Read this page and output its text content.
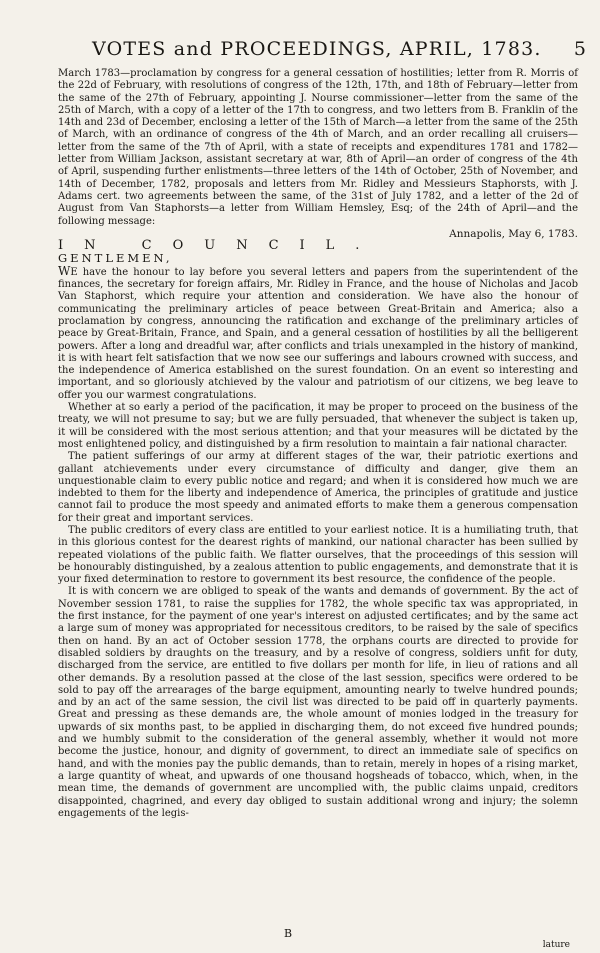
VOTES and PROCEEDINGS, APRIL, 1783. 5

March 1783—proclamation by congress for a general cessation of hostilities; letter from R. Morris of the 22d of February, with resolutions of congress of the 12th, 17th, and 18th of February—letter from the same of the 27th of February, appointing J. Nourse commissioner—letter from the same of the 25th of March, with a copy of a letter of the 17th to congress, and two letters from B. Franklin of the 14th and 23d of December, enclosing a letter of the 15th of March—a letter from the same of the 25th of March, with an ordinance of congress of the 4th of March, and an order recalling all cruisers—letter from the same of the 7th of April, with a state of receipts and expenditures 1781 and 1782—letter from William Jackson, assistant secretary at war, 8th of April—an order of congress of the 4th of April, suspending further enlistments—three letters of the 14th of October, 25th of November, and 14th of December, 1782, proposals and letters from Mr. Ridley and Messieurs Staphorsts, with J. Adams cert. two agreements between the same, of the 31st of July 1782, and a letter of the 2d of August from Van Staphorsts—a letter from William Hemsley, Esq; of the 24th of April—and the following message:

Annapolis, May 6, 1783.

IN COUNCIL.

GENTLEMEN,

WE have the honour to lay before you several letters and papers from the superintendent of the finances, the secretary for foreign affairs, Mr. Ridley in France, and the house of Nicholas and Jacob Van Staphorst, which require your attention and consideration. We have also the honour of communicating the preliminary articles of peace between Great-Britain and America; also a proclamation by congress, announcing the ratification and exchange of the preliminary articles of peace by Great-Britain, France, and Spain, and a general cessation of hostilities by all the belligerent powers. After a long and dreadful war, after conflicts and trials unexampled in the history of mankind, it is with heart felt satisfaction that we now see our sufferings and labours crowned with success, and the independence of America established on the surest foundation. On an event so interesting and important, and so gloriously atchieved by the valour and patriotism of our citizens, we beg leave to offer you our warmest congratulations.

Whether at so early a period of the pacification, it may be proper to proceed on the business of the treaty, we will not presume to say; but we are fully persuaded, that whenever the subject is taken up, it will be considered with the most serious attention; and that your measures will be dictated by the most enlightened policy, and distinguished by a firm resolution to maintain a fair national character.

The patient sufferings of our army at different stages of the war, their patriotic exertions and gallant atchievements under every circumstance of difficulty and danger, give them an unquestionable claim to every public notice and regard; and when it is considered how much we are indebted to them for the liberty and independence of America, the principles of gratitude and justice cannot fail to produce the most speedy and animated efforts to make them a generous compensation for their great and important services.

The public creditors of every class are entitled to your earliest notice. It is a humiliating truth, that in this glorious contest for the dearest rights of mankind, our national character has been sullied by repeated violations of the public faith. We flatter ourselves, that the proceedings of this session will be honourably distinguished, by a zealous attention to public engagements, and demonstrate that it is your fixed determination to restore to government its best resource, the confidence of the people.

It is with concern we are obliged to speak of the wants and demands of government. By the act of November session 1781, to raise the supplies for 1782, the whole specific tax was appropriated, in the first instance, for the payment of one year's interest on adjusted certificates; and by the same act a large sum of money was appropriated for necessitous creditors, to be raised by the sale of specifics then on hand. By an act of October session 1778, the orphans courts are directed to provide for disabled soldiers by draughts on the treasury, and by a resolve of congress, soldiers unfit for duty, discharged from the service, are entitled to five dollars per month for life, in lieu of rations and all other demands. By a resolution passed at the close of the last session, specifics were ordered to be sold to pay off the arrearages of the barge equipment, amounting nearly to twelve hundred pounds; and by an act of the same session, the civil list was directed to be paid off in quarterly payments. Great and pressing as these demands are, the whole amount of monies lodged in the treasury for upwards of six months past, to be applied in discharging them, do not exceed five hundred pounds; and we humbly submit to the consideration of the general assembly, whether it would not more become the justice, honour, and dignity of government, to direct an immediate sale of specifics on hand, and with the monies pay the public demands, than to retain, merely in hopes of a rising market, a large quantity of wheat, and upwards of one thousand hogsheads of tobacco, which, when, in the mean time, the demands of government are uncomplied with, the public claims unpaid, creditors disappointed, chagrined, and every day obliged to sustain additional wrong and injury; the solemn engagements of the legis-

B
lature
